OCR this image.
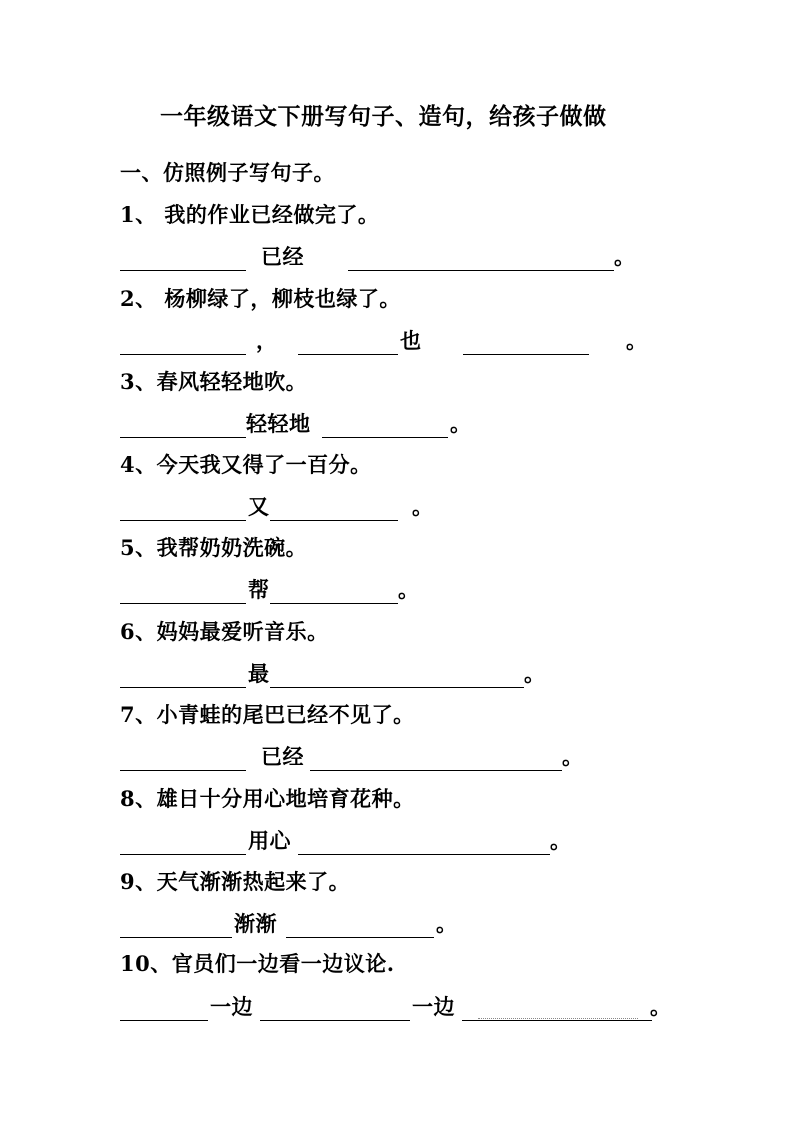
一年级语文下册写句子、造句，给孩子做做
一、仿照例子写句子。
1、 我的作业已经做完了。
已经	。
2、 杨柳绿了，柳枝也绿了。
，	也	。
3、春风轻轻地吹。
轻轻地	。
4、今天我又得了一百分。
又	。
5、我帮奶奶洗碗。
帮	。
6、妈妈最爱听音乐。
最	。
7、小青蛙的尾巴已经不见了。
已经	。
8、雄日十分用心地培育花种。
用心	。
9、天气渐渐热起来了。
渐渐	。
10、官员们一边看一边议论.
一边	一边	。
